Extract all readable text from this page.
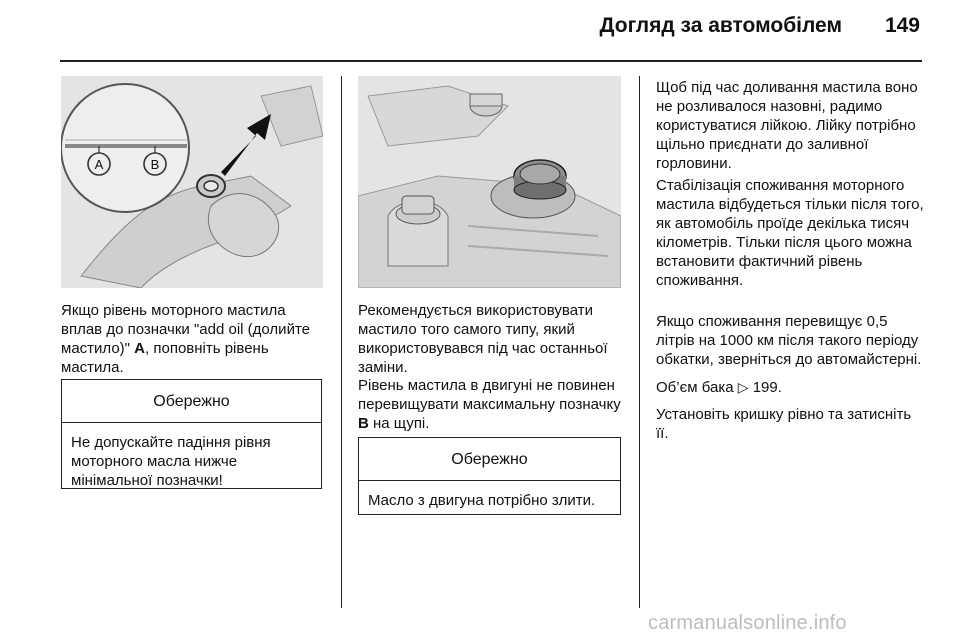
Догляд за автомобілем	149
A	B

Якщо рівень моторного мастила вплав до позначки "add oil (долийте мастило)" A, поповніть рівень мастила.

Обережно
Не допускайте падіння рівня моторного масла нижче мінімальної позначки!

Рекомендується використовувати мастило того самого типу, який використовувався під час останньої заміни.

Рівень мастила в двигуні не повинен перевищувати максимальну позначку B на щупі.

Обережно
Масло з двигуна потрібно злити.

Щоб під час доливання мастила воно не розливалося назовні, радимо користуватися лійкою. Лійку потрібно щільно приєднати до заливної горловини.

Стабілізація споживання моторного мастила відбудеться тільки після того, як автомобіль проїде декілька тисяч кілометрів. Тільки після цього можна встановити фактичний рівень споживання.

Якщо споживання перевищує 0,5 літрів на 1000 км після такого періоду обкатки, зверніться до автомайстерні.

Об’єм бака ▷ 199.

Установіть кришку рівно та затисніть її.

carmanualsonline.info
